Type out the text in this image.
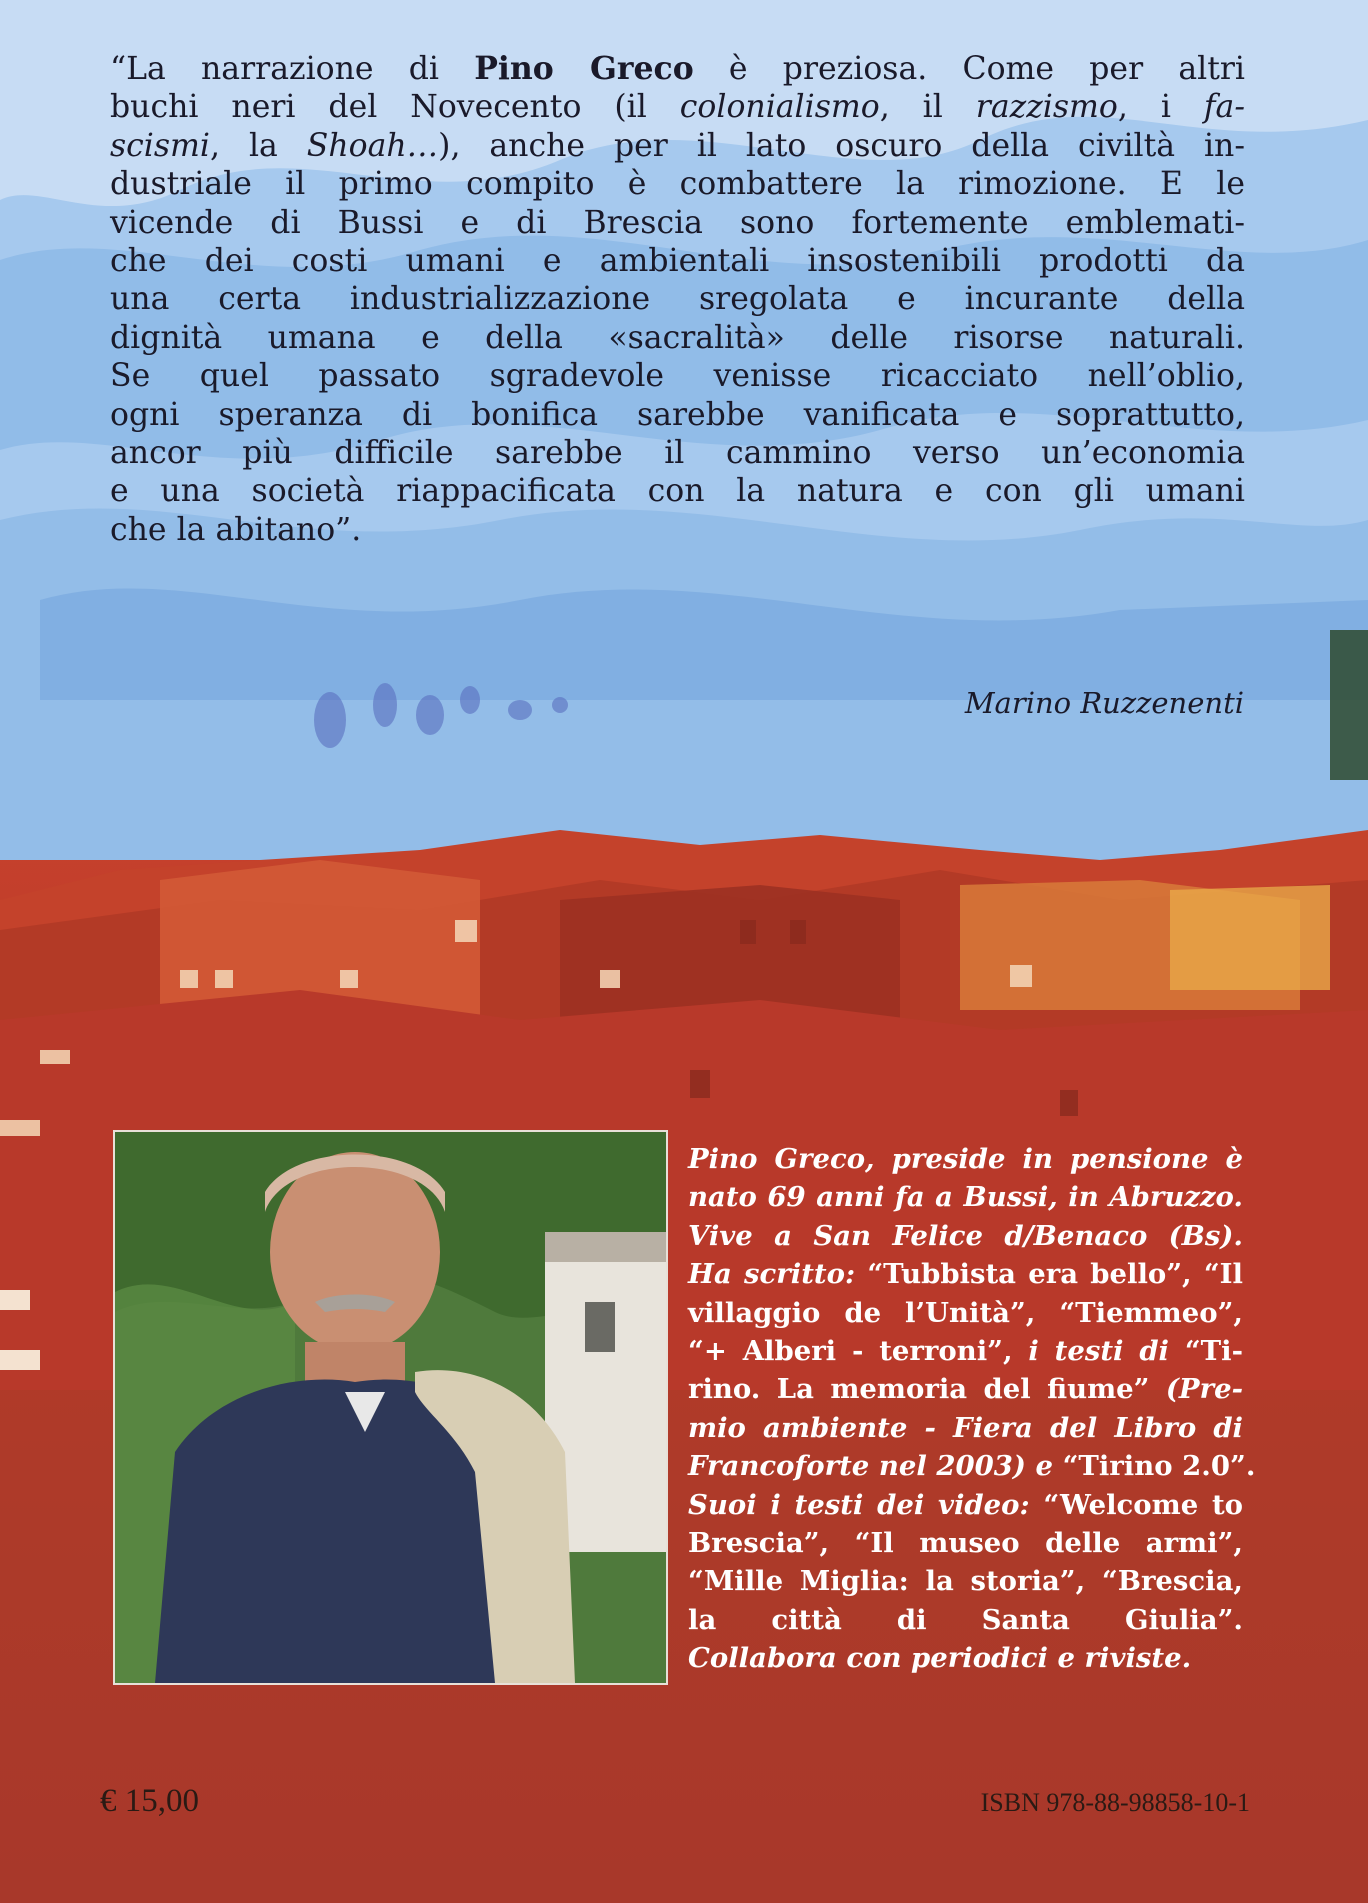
“La narrazione di Pino Greco è preziosa. Come per altri
buchi neri del Novecento (il colonialismo, il razzismo, i fa-
scismi, la Shoah…), anche per il lato oscuro della civiltà in-
dustriale il primo compito è combattere la rimozione. E le
vicende di Bussi e di Brescia sono fortemente emblemati-
che dei costi umani e ambientali insostenibili prodotti da
una certa industrializzazione sregolata e incurante della
dignità umana e della «sacralità» delle risorse naturali.
Se quel passato sgradevole venisse ricacciato nell’oblio,
ogni speranza di bonifica sarebbe vanificata e soprattutto,
ancor più difficile sarebbe il cammino verso un’economia
e una società riappacificata con la natura e con gli umani
che la abitano”.
Marino Ruzzenenti
Pino Greco, preside in pensione è
nato 69 anni fa a Bussi, in Abruzzo.
Vive a San Felice d/Benaco (Bs).
Ha scritto: “Tubbista era bello”, “Il
villaggio de l’Unità”, “Tiemmeo”,
“+ Alberi - terroni”, i testi di “Ti-
rino. La memoria del fiume” (Pre-
mio ambiente - Fiera del Libro di
Francoforte nel 2003) e “Tirino 2.0”.
Suoi i testi dei video: “Welcome to
Brescia”, “Il museo delle armi”,
“Mille Miglia: la storia”, “Brescia,
la città di Santa Giulia”.
Collabora con periodici e riviste.
€ 15,00	ISBN 978-88-98858-10-1
